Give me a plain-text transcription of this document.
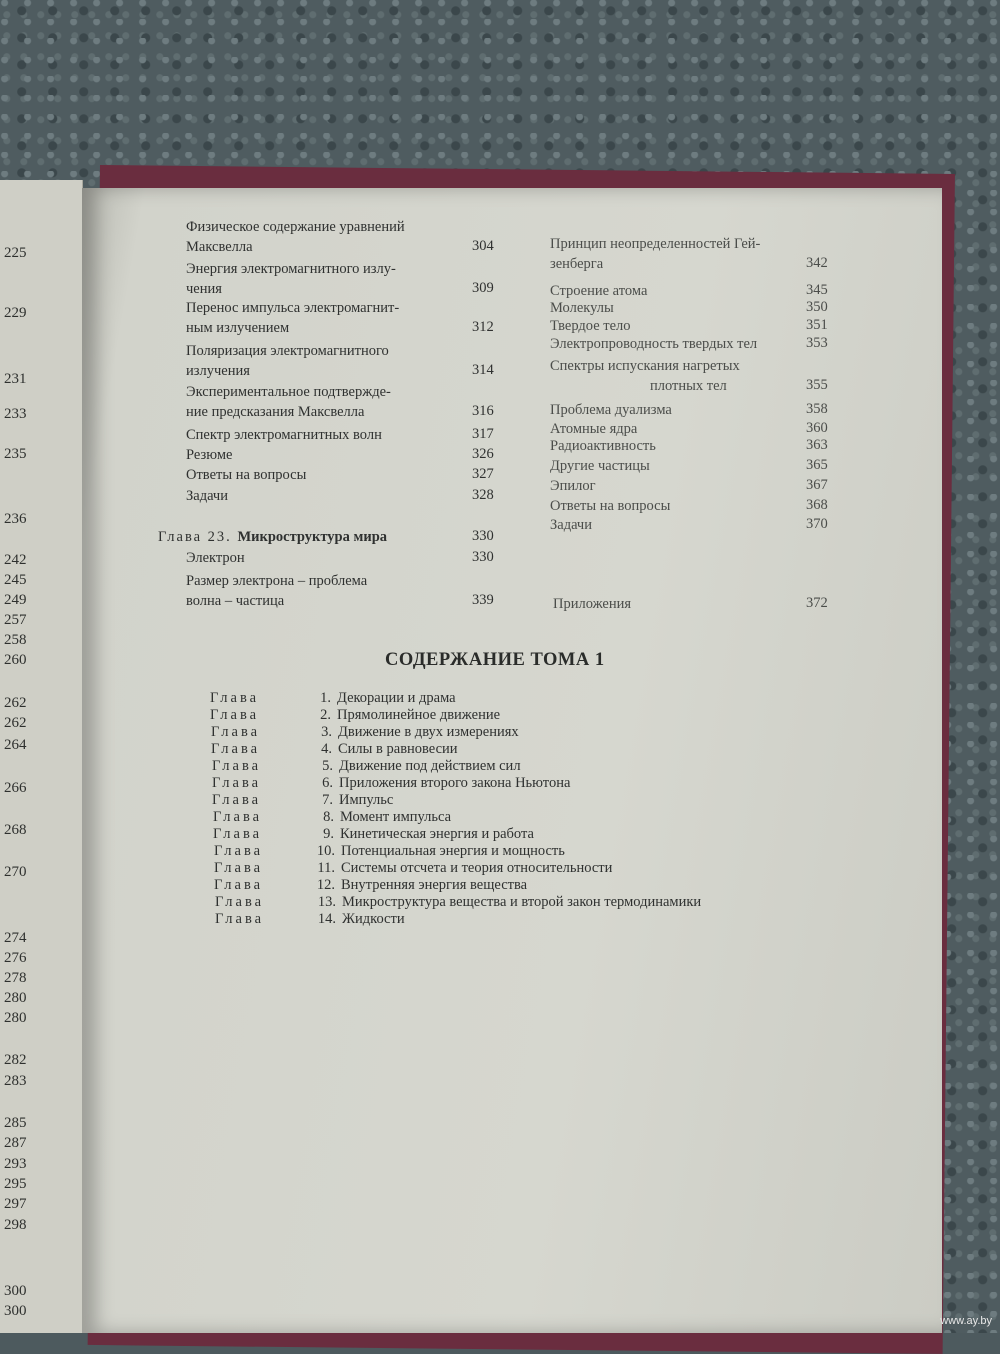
Физическое содержание уравнений
Максвелла	304
Энергия электромагнитного излу-
чения	309
Перенос импульса электромагнит-
ным излучением	312
Поляризация электромагнитного
излучения	314
Экспериментальное подтвержде-
ние предсказания Максвелла	316
Спектр электромагнитных волн	317
Резюме	326
Ответы на вопросы	327
Задачи	328
Глава 23. Микроструктура мира	330
Электрон	330
Размер электрона – проблема
волна – частица	339
Принцип неопределенностей Гей-
зенберга	342
Строение атома	345
Молекулы	350
Твердое тело	351
Электропроводность твердых тел	353
Спектры испускания нагретых
плотных тел	355
Проблема дуализма	358
Атомные ядра	360
Радиоактивность	363
Другие частицы	365
Эпилог	367
Ответы на вопросы	368
Задачи	370
Приложения	372
СОДЕРЖАНИЕ ТОМА 1
Глава	1. Декорации и драма
Глава	2. Прямолинейное движение
Глава	3. Движение в двух измерениях
Глава	4. Силы в равновесии
Глава	5. Движение под действием сил
Глава	6. Приложения второго закона Ньютона
Глава	7. Импульс
Глава	8. Момент импульса
Глава	9. Кинетическая энергия и работа
Глава	10. Потенциальная энергия и мощность
Глава	11. Системы отсчета и теория относительности
Глава	12. Внутренняя энергия вещества
Глава	13. Микроструктура вещества и второй закон термодинамики
Глава	14. Жидкости
www.ay.by
225
229
231
233
235
236
242
245
249
257
258
260
262
262
264
266
268
270
274
276
278
280
280
282
283
285
287
293
295
297
298
300
300
